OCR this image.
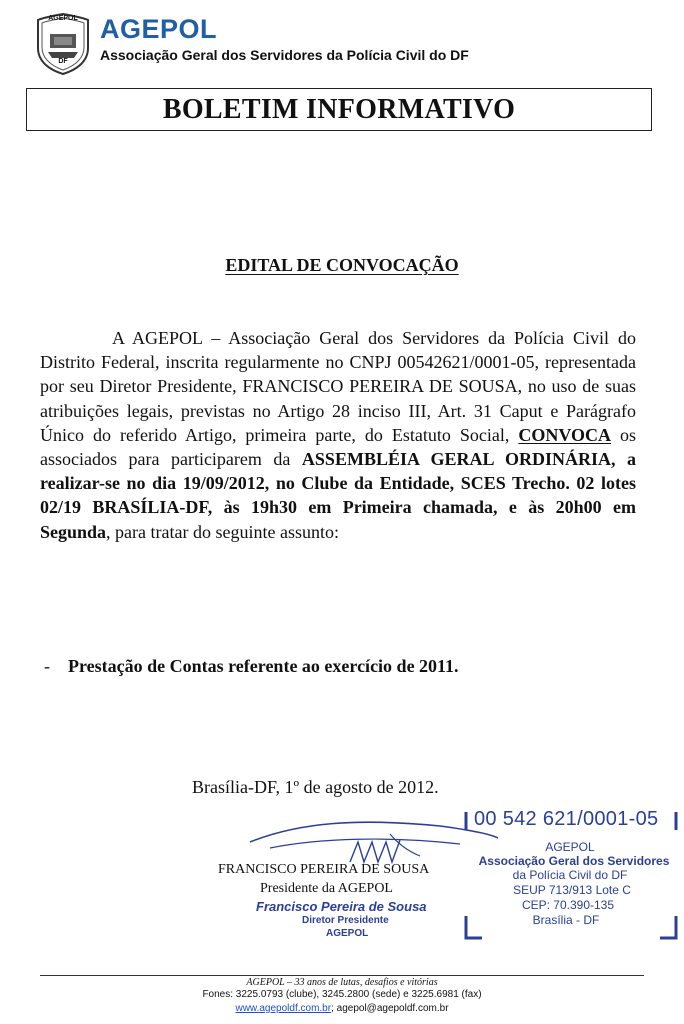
AGEPOL
DF
AGEPOL
Associação Geral dos Servidores da Polícia Civil do DF
BOLETIM INFORMATIVO
EDITAL DE CONVOCAÇÃO
A AGEPOL – Associação Geral dos Servidores da Polícia Civil do Distrito Federal, inscrita regularmente no CNPJ 00542621/0001-05, representada por seu Diretor Presidente, FRANCISCO PEREIRA DE SOUSA, no uso de suas atribuições legais, previstas no Artigo 28 inciso III, Art. 31 Caput e Parágrafo Único do referido Artigo, primeira parte, do Estatuto Social, CONVOCA os associados para participarem da ASSEMBLÉIA GERAL ORDINÁRIA, a realizar-se no dia 19/09/2012, no Clube da Entidade, SCES Trecho. 02 lotes 02/19 BRASÍLIA-DF, às 19h30 em Primeira chamada, e às 20h00 em Segunda, para tratar do seguinte assunto:
- Prestação de Contas referente ao exercício de 2011.
Brasília-DF, 1º de agosto de 2012.
FRANCISCO PEREIRA DE SOUSA
Presidente da AGEPOL
Francisco Pereira de Sousa
Diretor Presidente
AGEPOL
00 542 621/0001-05
AGEPOL
Associação Geral dos Servidores
da Polícia Civil do DF
SEUP 713/913 Lote C
CEP: 70.390-135
Brasília - DF
AGEPOL – 33 anos de lutas, desafios e vitórias
Fones: 3225.0793 (clube), 3245.2800 (sede) e 3225.6981 (fax)
www.agepoldf.com.br; agepol@agepoldf.com.br
